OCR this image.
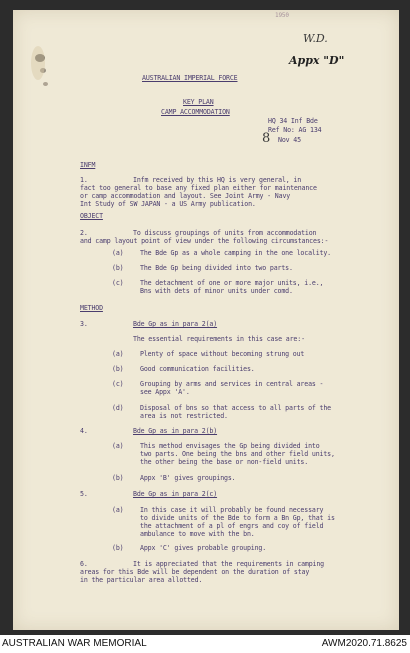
1950
W.D.
Appx "D"
AUSTRALIAN IMPERIAL FORCE
KEY PLAN
CAMP ACCOMMODATION
HQ 34 Inf Bde
Ref No: AG 134
8 Nov 45
INFM
1.	Infm received by this HQ is very general, in
fact too general to base any fixed plan either for maintenance
or camp accommodation and layout. See Joint Army - Navy
Int Study of SW JAPAN - a US Army publication.
OBJECT
2.	To discuss groupings of units from accommodation
and camp layout point of view under the following circumstances:-
(a)	The Bde Gp as a whole camping in the one locality.
(b)	The Bde Gp being divided into two parts.
(c)	The detachment of one or more major units, i.e.,
Bns with dets of minor units under comd.
METHOD
3.	Bde Gp as in para 2(a)
The essential requirements in this case are:-
(a)	Plenty of space without becoming strung out
(b)	Good communication facilities.
(c)	Grouping by arms and services in central areas -
see Appx 'A'.
(d)	Disposal of bns so that access to all parts of the
area is not restricted.
4.	Bde Gp as in para 2(b)
(a)	This method envisages the Gp being divided into
two parts. One being the bns and other field units,
the other being the base or non-field units.
(b)	Appx 'B' gives groupings.
5.	Bde Gp as in para 2(c)
(a)	In this case it will probably be found necessary
to divide units of the Bde to form a Bn Gp, that is
the attachment of a pl of engrs and coy of field
ambulance to move with the bn.
(b)	Appx 'C' gives probable grouping.
6.	It is appreciated that the requirements in camping
areas for this Bde will be dependent on the duration of stay
in the particular area allotted.
AUSTRALIAN WAR MEMORIAL	AWM2020.71.8625
